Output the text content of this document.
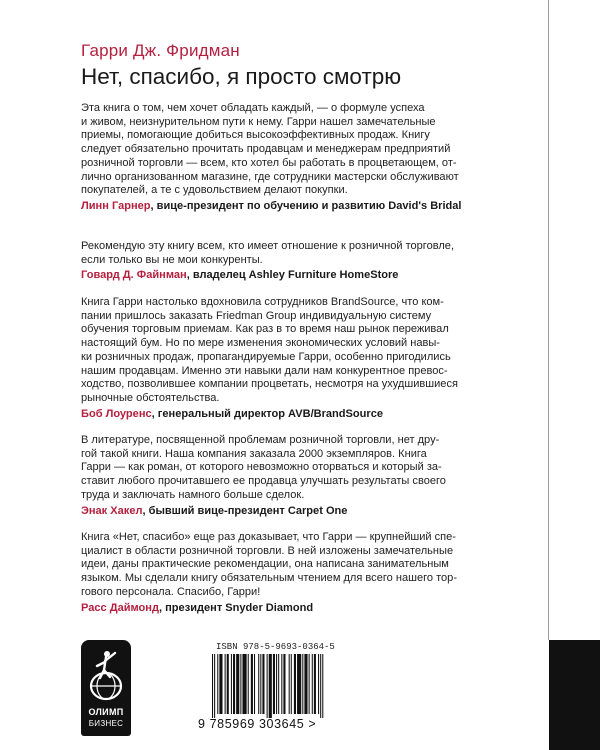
Гарри Дж. Фридман
Нет, спасибо, я просто смотрю

Эта книга о том, чем хочет обладать каждый, — о формуле успеха
и живом, неизнурительном пути к нему. Гарри нашел замечательные
приемы, помогающие добиться высокоэффективных продаж. Книгу
следует обязательно прочитать продавцам и менеджерам предприятий
розничной торговли — всем, кто хотел бы работать в процветающем, от-
лично организованном магазине, где сотрудники мастерски обслуживают
покупателей, а те с удовольствием делают покупки.

Линн Гарнер, вице-президент по обучению и развитию David's Bridal

Рекомендую эту книгу всем, кто имеет отношение к розничной торговле,
если только вы не мои конкуренты.

Говард Д. Файнман, владелец Ashley Furniture HomeStore

Книга Гарри настолько вдохновила сотрудников BrandSource, что ком-
пании пришлось заказать Friedman Group индивидуальную систему
обучения торговым приемам. Как раз в то время наш рынок переживал
настоящий бум. Но по мере изменения экономических условий навы-
ки розничных продаж, пропагандируемые Гарри, особенно пригодились
нашим продавцам. Именно эти навыки дали нам конкурентное превос-
ходство, позволившее компании процветать, несмотря на ухудшившиеся
рыночные обстоятельства.

Боб Лоуренс, генеральный директор AVB/BrandSource

В литературе, посвященной проблемам розничной торговли, нет дру-
гой такой книги. Наша компания заказала 2000 экземпляров. Книга
Гарри — как роман, от которого невозможно оторваться и который за-
ставит любого прочитавшего ее продавца улучшать результаты своего
труда и заключать намного больше сделок.

Энак Хакел, бывший вице-президент Carpet One

Книга «Нет, спасибо» еще раз доказывает, что Гарри — крупнейший спе-
циалист в области розничной торговли. В ней изложены замечательные
идеи, даны практические рекомендации, она написана занимательным
языком. Мы сделали книгу обязательным чтением для всего нашего тор-
гового персонала. Спасибо, Гарри!

Расс Даймонд, президент Snyder Diamond
ОЛИМП
БИЗНЕС
ISBN 978-5-9693-0364-5
9 785969 303645 >
